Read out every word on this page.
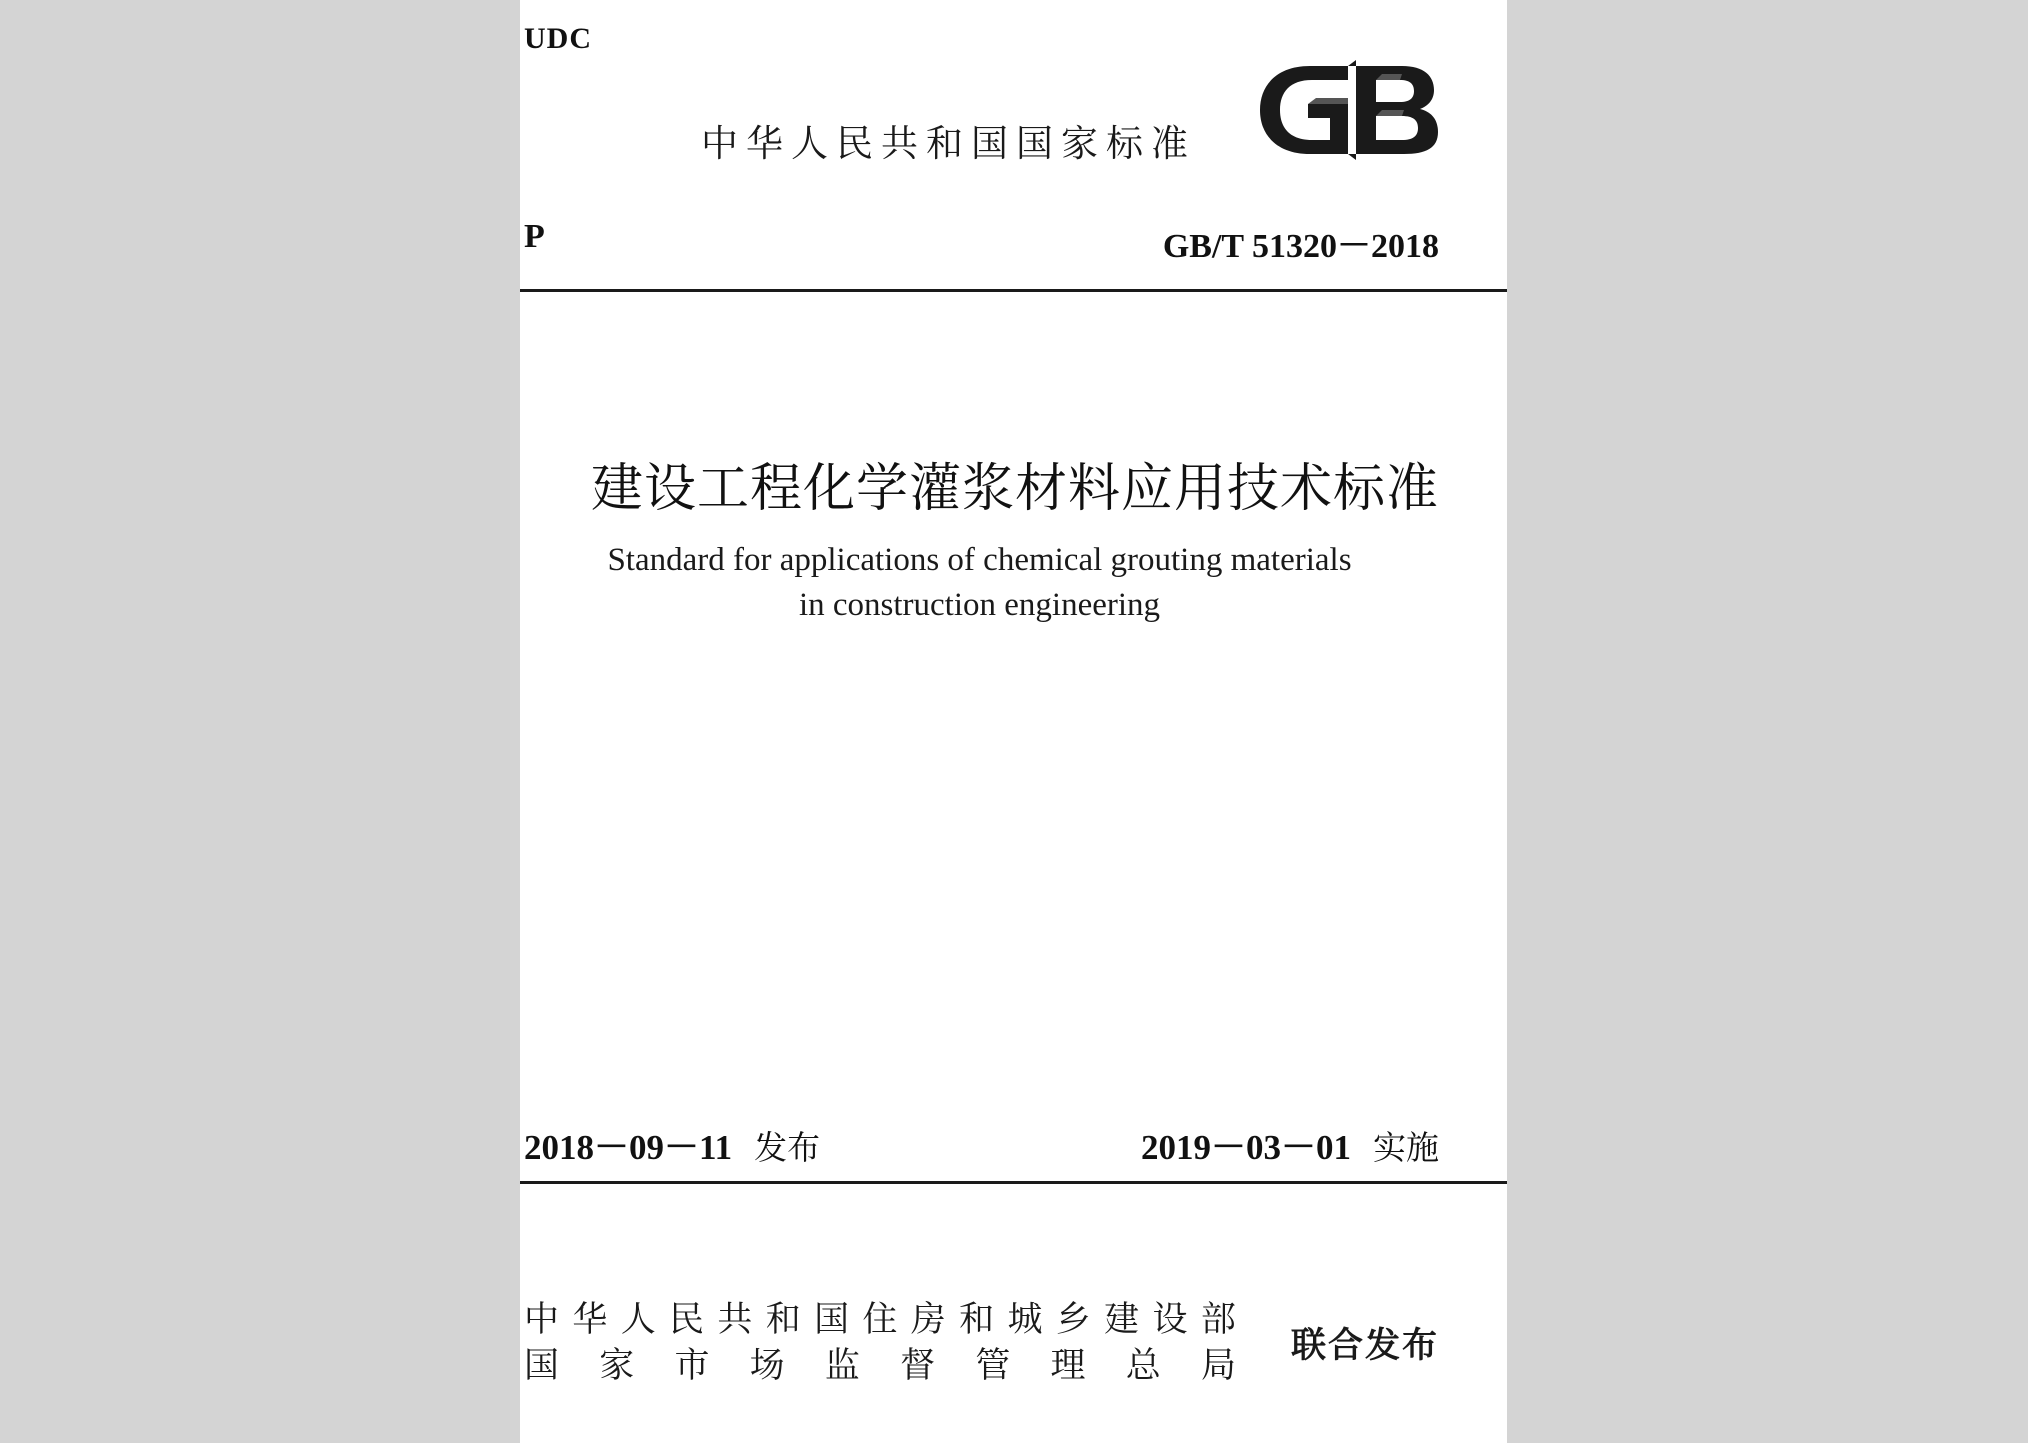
UDC
中华人民共和国国家标准
P	GB/T 51320－2018
建设工程化学灌浆材料应用技术标准
Standard for applications of chemical grouting materials
in construction engineering
2018－09－11 发布	2019－03－01 实施
中 华 人 民 共 和 国 住 房 和 城 乡 建 设 部
国 家 市 场 监 督 管 理 总 局 联合发布
